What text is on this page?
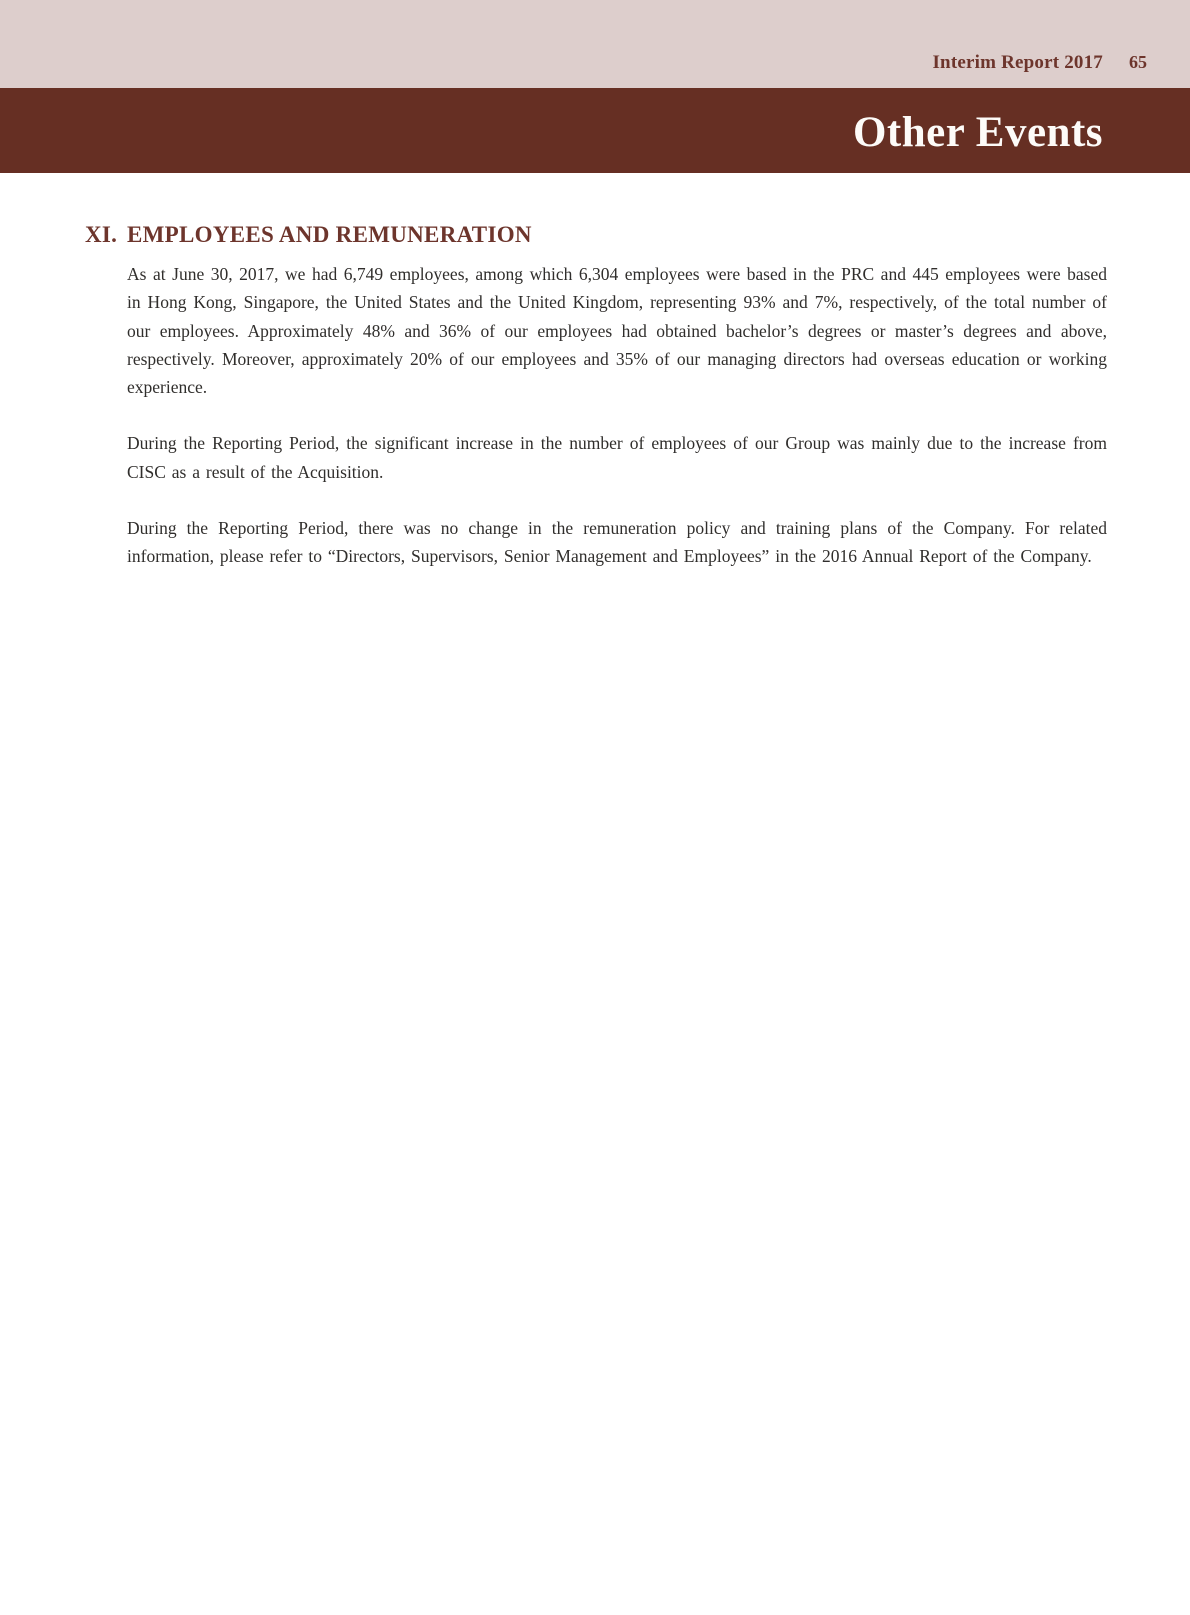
Interim Report 2017 65
Other Events
XI. EMPLOYEES AND REMUNERATION

As at June 30, 2017, we had 6,749 employees, among which 6,304 employees were based in the PRC and 445 employees were based in Hong Kong, Singapore, the United States and the United Kingdom, representing 93% and 7%, respectively, of the total number of our employees. Approximately 48% and 36% of our employees had obtained bachelor’s degrees or master’s degrees and above, respectively. Moreover, approximately 20% of our employees and 35% of our managing directors had overseas education or working experience.

During the Reporting Period, the significant increase in the number of employees of our Group was mainly due to the increase from CISC as a result of the Acquisition.

During the Reporting Period, there was no change in the remuneration policy and training plans of the Company. For related information, please refer to “Directors, Supervisors, Senior Management and Employees” in the 2016 Annual Report of the Company.
